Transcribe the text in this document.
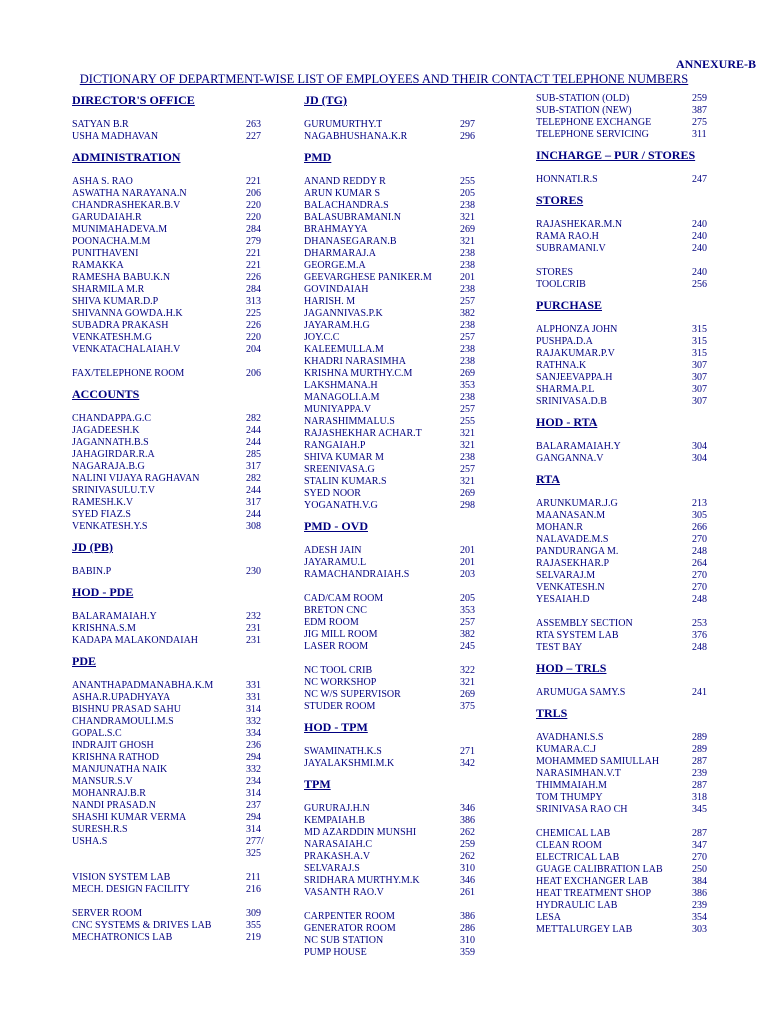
ANNEXURE-B
DICTIONARY OF DEPARTMENT-WISE LIST OF EMPLOYEES AND THEIR CONTACT TELEPHONE NUMBERS
DIRECTOR'S OFFICE
SATYAN B.R	263
USHA MADHAVAN	227
ADMINISTRATION
ASHA S. RAO	221
ASWATHA NARAYANA.N	206
CHANDRASHEKAR.B.V	220
GARUDAIAH.R	220
MUNIMAHADEVA.M	284
POONACHA.M.M	279
PUNITHAVENI	221
RAMAKKA	221
RAMESHA BABU.K.N	226
SHARMILA M.R	284
SHIVA KUMAR.D.P	313
SHIVANNA GOWDA.H.K	225
SUBADRA PRAKASH	226
VENKATESH.M.G	220
VENKATACHALAIAH.V	204
FAX/TELEPHONE ROOM	206
ACCOUNTS
CHANDAPPA.G.C	282
JAGADEESH.K	244
JAGANNATH.B.S	244
JAHAGIRDAR.R.A	285
NAGARAJA.B.G	317
NALINI VIJAYA RAGHAVAN	282
SRINIVASULU.T.V	244
RAMESH.K.V	317
SYED FIAZ.S	244
VENKATESH.Y.S	308
JD (PB)
BABIN.P	230
HOD - PDE
BALARAMAIAH.Y	232
KRISHNA.S.M	231
KADAPA MALAKONDAIAH	231
PDE
ANANTHAPADMANABHA.K.M	331
ASHA.R.UPADHYAYA	331
BISHNU PRASAD SAHU	314
CHANDRAMOULI.M.S	332
GOPAL.S.C	334
INDRAJIT GHOSH	236
KRISHNA RATHOD	294
MANJUNATHA NAIK	332
MANSUR.S.V	234
MOHANRAJ.B.R	314
NANDI PRASAD.N	237
SHASHI KUMAR VERMA	294
SURESH.R.S	314
USHA.S	277/
325
VISION SYSTEM LAB	211
MECH. DESIGN FACILITY	216
SERVER ROOM	309
CNC SYSTEMS & DRIVES LAB	355
MECHATRONICS LAB	219
JD (TG)
GURUMURTHY.T	297
NAGABHUSHANA.K.R	296
PMD
ANAND REDDY R	255
ARUN KUMAR S	205
BALACHANDRA.S	238
BALASUBRAMANI.N	321
BRAHMAYYA	269
DHANASEGARAN.B	321
DHARMARAJ.A	238
GEORGE.M.A	238
GEEVARGHESE PANIKER.M	201
GOVINDAIAH	238
HARISH. M	257
JAGANNIVAS.P.K	382
JAYARAM.H.G	238
JOY.C.C	257
KALEEMULLA.M	238
KHADRI NARASIMHA	238
KRISHNA MURTHY.C.M	269
LAKSHMANA.H	353
MANAGOLI.A.M	238
MUNIYAPPA.V	257
NARASHIMMALU.S	255
RAJASHEKHAR ACHAR.T	321
RANGAIAH.P	321
SHIVA KUMAR M	238
SREENIVASA.G	257
STALIN KUMAR.S	321
SYED NOOR	269
YOGANATH.V.G	298
PMD - OVD
ADESH JAIN	201
JAYARAMU.L	201
RAMACHANDRAIAH.S	203
CAD/CAM ROOM	205
BRETON CNC	353
EDM ROOM	257
JIG MILL ROOM	382
LASER ROOM	245
NC TOOL CRIB	322
NC WORKSHOP	321
NC W/S SUPERVISOR	269
STUDER ROOM	375
HOD - TPM
SWAMINATH.K.S	271
JAYALAKSHMI.M.K	342
TPM
GURURAJ.H.N	346
KEMPAIAH.B	386
MD AZARDDIN MUNSHI	262
NARASAIAH.C	259
PRAKASH.A.V	262
SELVARAJ.S	310
SRIDHARA MURTHY.M.K	346
VASANTH RAO.V	261
CARPENTER ROOM	386
GENERATOR ROOM	286
NC SUB STATION	310
PUMP HOUSE	359
SUB-STATION (OLD)	259
SUB-STATION (NEW)	387
TELEPHONE EXCHANGE	275
TELEPHONE SERVICING	311
INCHARGE – PUR / STORES
HONNATI.R.S	247
STORES
RAJASHEKAR.M.N	240
RAMA RAO.H	240
SUBRAMANI.V	240
STORES	240
TOOLCRIB	256
PURCHASE
ALPHONZA JOHN	315
PUSHPA.D.A	315
RAJAKUMAR.P.V	315
RATHNA.K	307
SANJEEVAPPA.H	307
SHARMA.P.L	307
SRINIVASA.D.B	307
HOD - RTA
BALARAMAIAH.Y	304
GANGANNA.V	304
RTA
ARUNKUMAR.J.G	213
MAANASAN.M	305
MOHAN.R	266
NALAVADE.M.S	270
PANDURANGA M.	248
RAJASEKHAR.P	264
SELVARAJ.M	270
VENKATESH.N	270
YESAIAH.D	248
ASSEMBLY SECTION	253
RTA SYSTEM LAB	376
TEST BAY	248
HOD – TRLS
ARUMUGA SAMY.S	241
TRLS
AVADHANI.S.S	289
KUMARA.C.J	289
MOHAMMED SAMIULLAH	287
NARASIMHAN.V.T	239
THIMMAIAH.M	287
TOM THUMPY	318
SRINIVASA RAO CH	345
CHEMICAL LAB	287
CLEAN ROOM	347
ELECTRICAL LAB	270
GUAGE CALIBRATION LAB	250
HEAT EXCHANGER LAB	384
HEAT TREATMENT SHOP	386
HYDRAULIC LAB	239
LESA	354
METTALURGEY LAB	303
